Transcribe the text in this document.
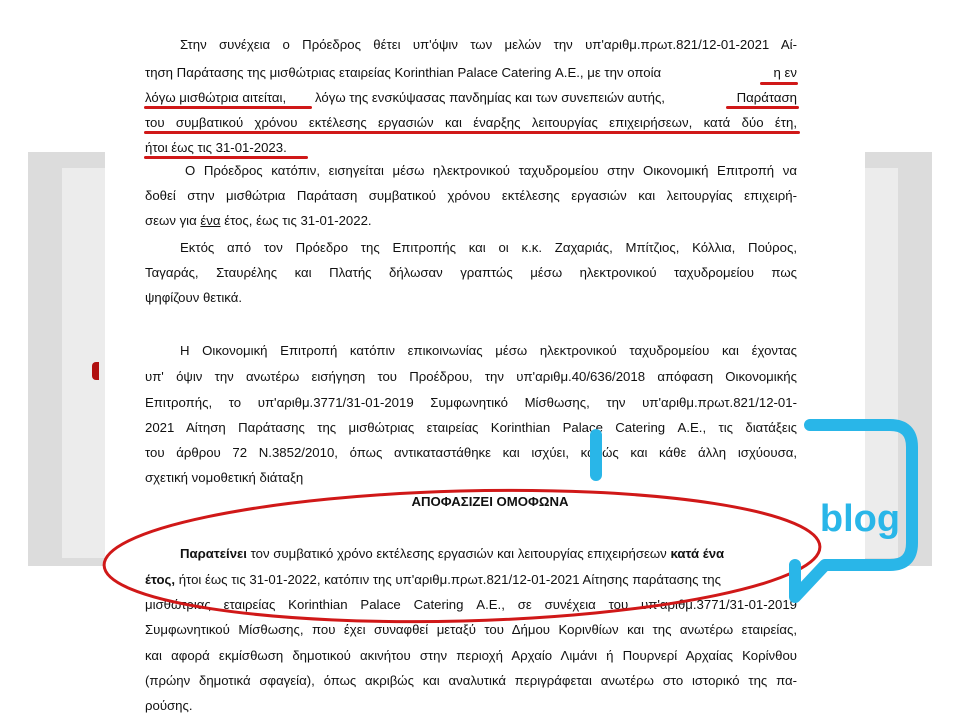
Στην συνέχεια ο Πρόεδρος θέτει υπ'όψιν των μελών την υπ'αριθμ.πρωτ.821/12-01-2021 Αί-
τηση Παράτασης της μισθώτριας εταιρείας Korinthian Palace Catering Α.Ε., με την οποία	η εν
λόγω μισθώτρια αιτείται, λόγω της ενσκύψασας πανδημίας και των συνεπειών αυτής,	Παράταση
του συμβατικού χρόνου εκτέλεσης εργασιών και έναρξης λειτουργίας επιχειρήσεων, κατά δύο έτη,
ήτοι έως τις 31-01-2023.
Ο Πρόεδρος κατόπιν, εισηγείται μέσω ηλεκτρονικού ταχυδρομείου στην Οικονομική Επιτροπή να
δοθεί στην μισθώτρια Παράταση συμβατικού χρόνου εκτέλεσης εργασιών και λειτουργίας επιχειρή-
σεων για ένα έτος, έως τις 31-01-2022.
Εκτός από τον Πρόεδρο της Επιτροπής και οι κ.κ. Ζαχαριάς, Μπίτζιος, Κόλλια, Πούρος,
Ταγαράς, Σταυρέλης και Πλατής δήλωσαν γραπτώς μέσω ηλεκτρονικού ταχυδρομείου πως
ψηφίζουν θετικά.
Η Οικονομική Επιτροπή κατόπιν επικοινωνίας μέσω ηλεκτρονικού ταχυδρομείου και έχοντας
υπ' όψιν την ανωτέρω εισήγηση του Προέδρου, την υπ'αριθμ.40/636/2018 απόφαση Οικονομικής
Επιτροπής, το υπ'αριθμ.3771/31-01-2019 Συμφωνητικό Μίσθωσης, την υπ'αριθμ.πρωτ.821/12-01-
2021 Αίτηση Παράτασης της μισθώτριας εταιρείας Korinthian Palace Catering Α.Ε., τις διατάξεις
του άρθρου 72 Ν.3852/2010, όπως αντικαταστάθηκε και ισχύει, καθώς και κάθε άλλη ισχύουσα,
σχετική νομοθετική διάταξη
ΑΠΟΦΑΣΙΖΕΙ ΟΜΟΦΩΝΑ
Παρατείνει τον συμβατικό χρόνο εκτέλεσης εργασιών και λειτουργίας επιχειρήσεων κατά ένα
έτος, ήτοι έως τις 31-01-2022, κατόπιν της υπ'αριθμ.πρωτ.821/12-01-2021 Αίτησης παράτασης της
μισθώτριας εταιρείας Korinthian Palace Catering Α.Ε., σε συνέχεια του υπ'αριθμ.3771/31-01-2019
Συμφωνητικού Μίσθωσης, που έχει συναφθεί μεταξύ του Δήμου Κορινθίων και της ανωτέρω εταιρείας,
και αφορά εκμίσθωση δημοτικού ακινήτου στην περιοχή Αρχαίο Λιμάνι ή Πουρνερί Αρχαίας Κορίνθου
(πρώην δημοτικά σφαγεία), όπως ακριβώς και αναλυτικά περιγράφεται ανωτέρω στο ιστορικό της πα-
ρούσης.
blog
